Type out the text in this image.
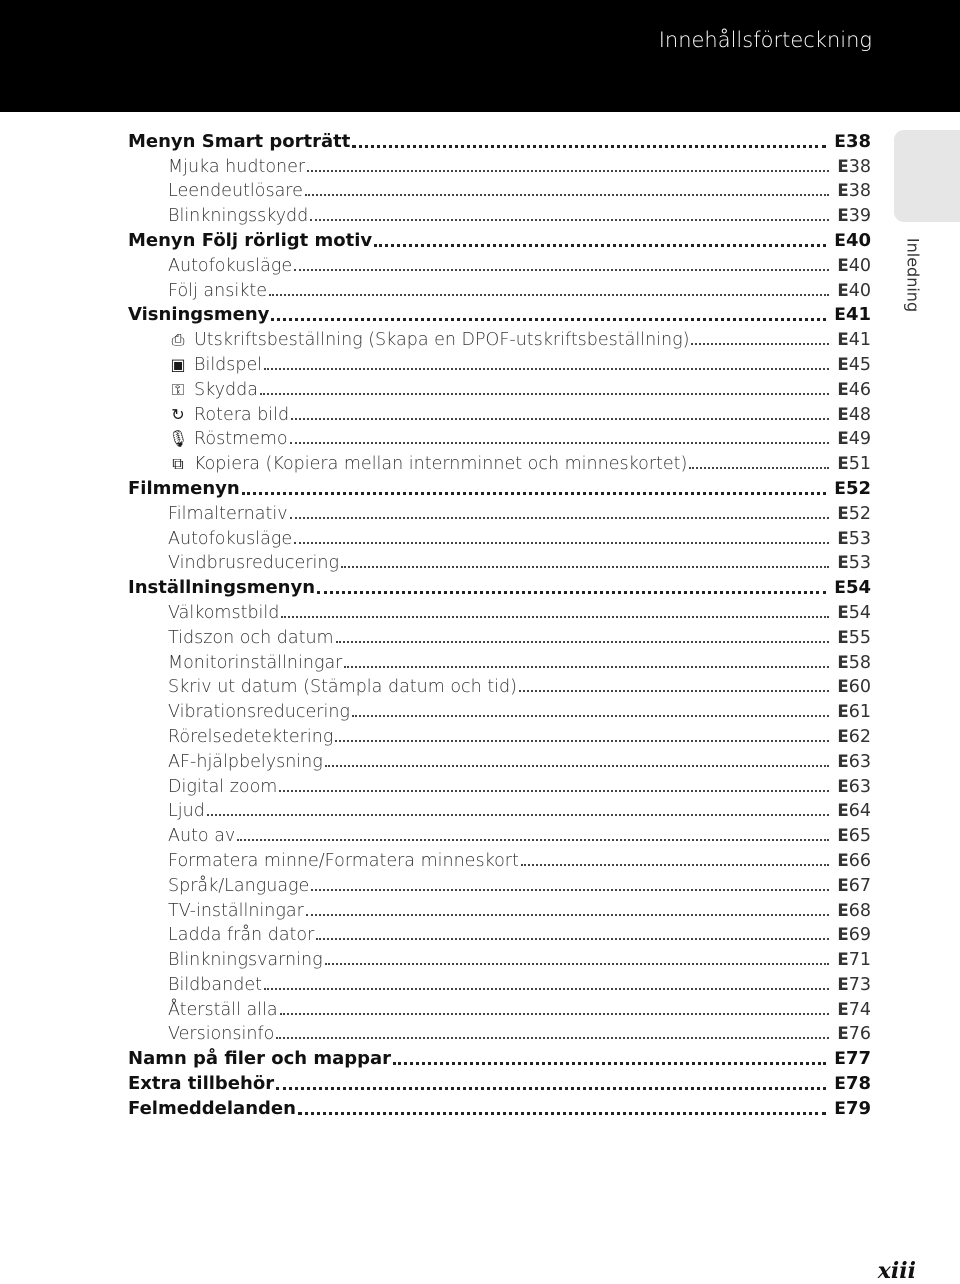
Innehållsförteckning
Inledning
Menyn Smart porträtt	E 38
Mjuka hudtoner	E 38
Leendeutlösare	E 38
Blinkningsskydd	E 39
Menyn Följ rörligt motiv	E 40
Autofokusläge	E 40
Följ ansikte	E 40
Visningsmeny	E 41
⎙ Utskriftsbeställning (Skapa en DPOF-utskriftsbeställning)	E 41
▣ Bildspel	E 45
⚿ Skydda	E 46
↻ Rotera bild	E 48
🎙 Röstmemo	E 49
⧉ Kopiera (Kopiera mellan internminnet och minneskortet)	E 51
Filmmenyn	E 52
Filmalternativ	E 52
Autofokusläge	E 53
Vindbrusreducering	E 53
Inställningsmenyn	E 54
Välkomstbild	E 54
Tidszon och datum	E 55
Monitorinställningar	E 58
Skriv ut datum (Stämpla datum och tid)	E 60
Vibrationsreducering	E 61
Rörelsedetektering	E 62
AF-hjälpbelysning	E 63
Digital zoom	E 63
Ljud	E 64
Auto av	E 65
Formatera minne/Formatera minneskort	E 66
Språk/Language	E 67
TV-inställningar	E 68
Ladda från dator	E 69
Blinkningsvarning	E 71
Bildbandet	E 73
Återställ alla	E 74
Versionsinfo	E 76
Namn på filer och mappar	E 77
Extra tillbehör	E 78
Felmeddelanden	E 79
xiii
